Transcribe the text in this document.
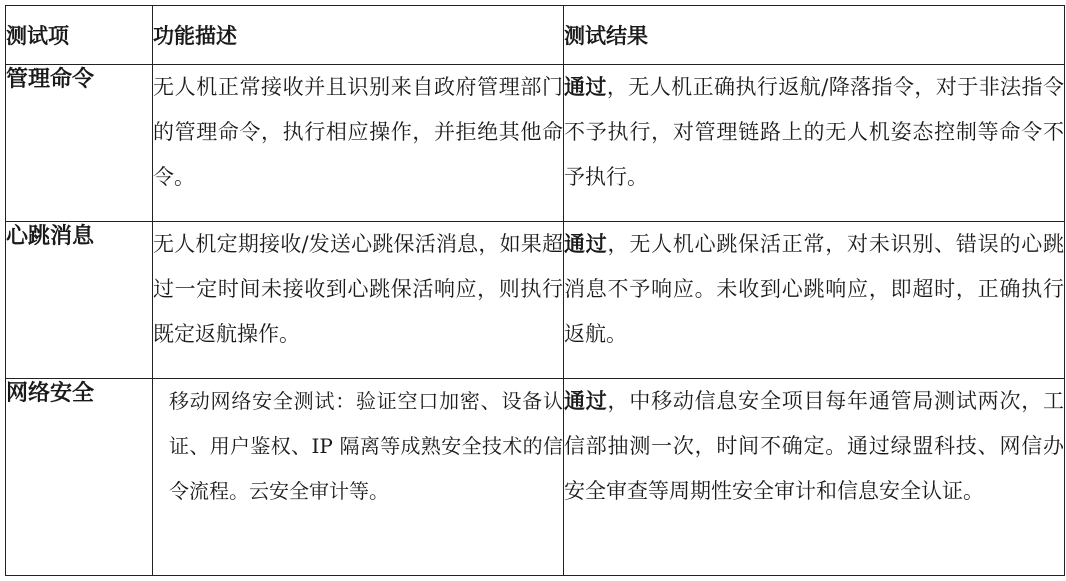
测试项	功能描述	测试结果
管理命令	无人机正常接收并且识别来自政府管理部门的管理命令，执行相应操作，并拒绝其他命令。	通过，无人机正确执行返航/降落指令，对于非法指令不予执行，对管理链路上的无人机姿态控制等命令不予执行。
心跳消息	无人机定期接收/发送心跳保活消息，如果超过一定时间未接收到心跳保活响应，则执行既定返航操作。	通过，无人机心跳保活正常，对未识别、错误的心跳消息不予响应。未收到心跳响应，即超时，正确执行返航。
网络安全	移动网络安全测试：验证空口加密、设备认证、用户鉴权、IP 隔离等成熟安全技术的信令流程。云安全审计等。	通过，中移动信息安全项目每年通管局测试两次，工信部抽测一次，时间不确定。通过绿盟科技、网信办安全审查等周期性安全审计和信息安全认证。
